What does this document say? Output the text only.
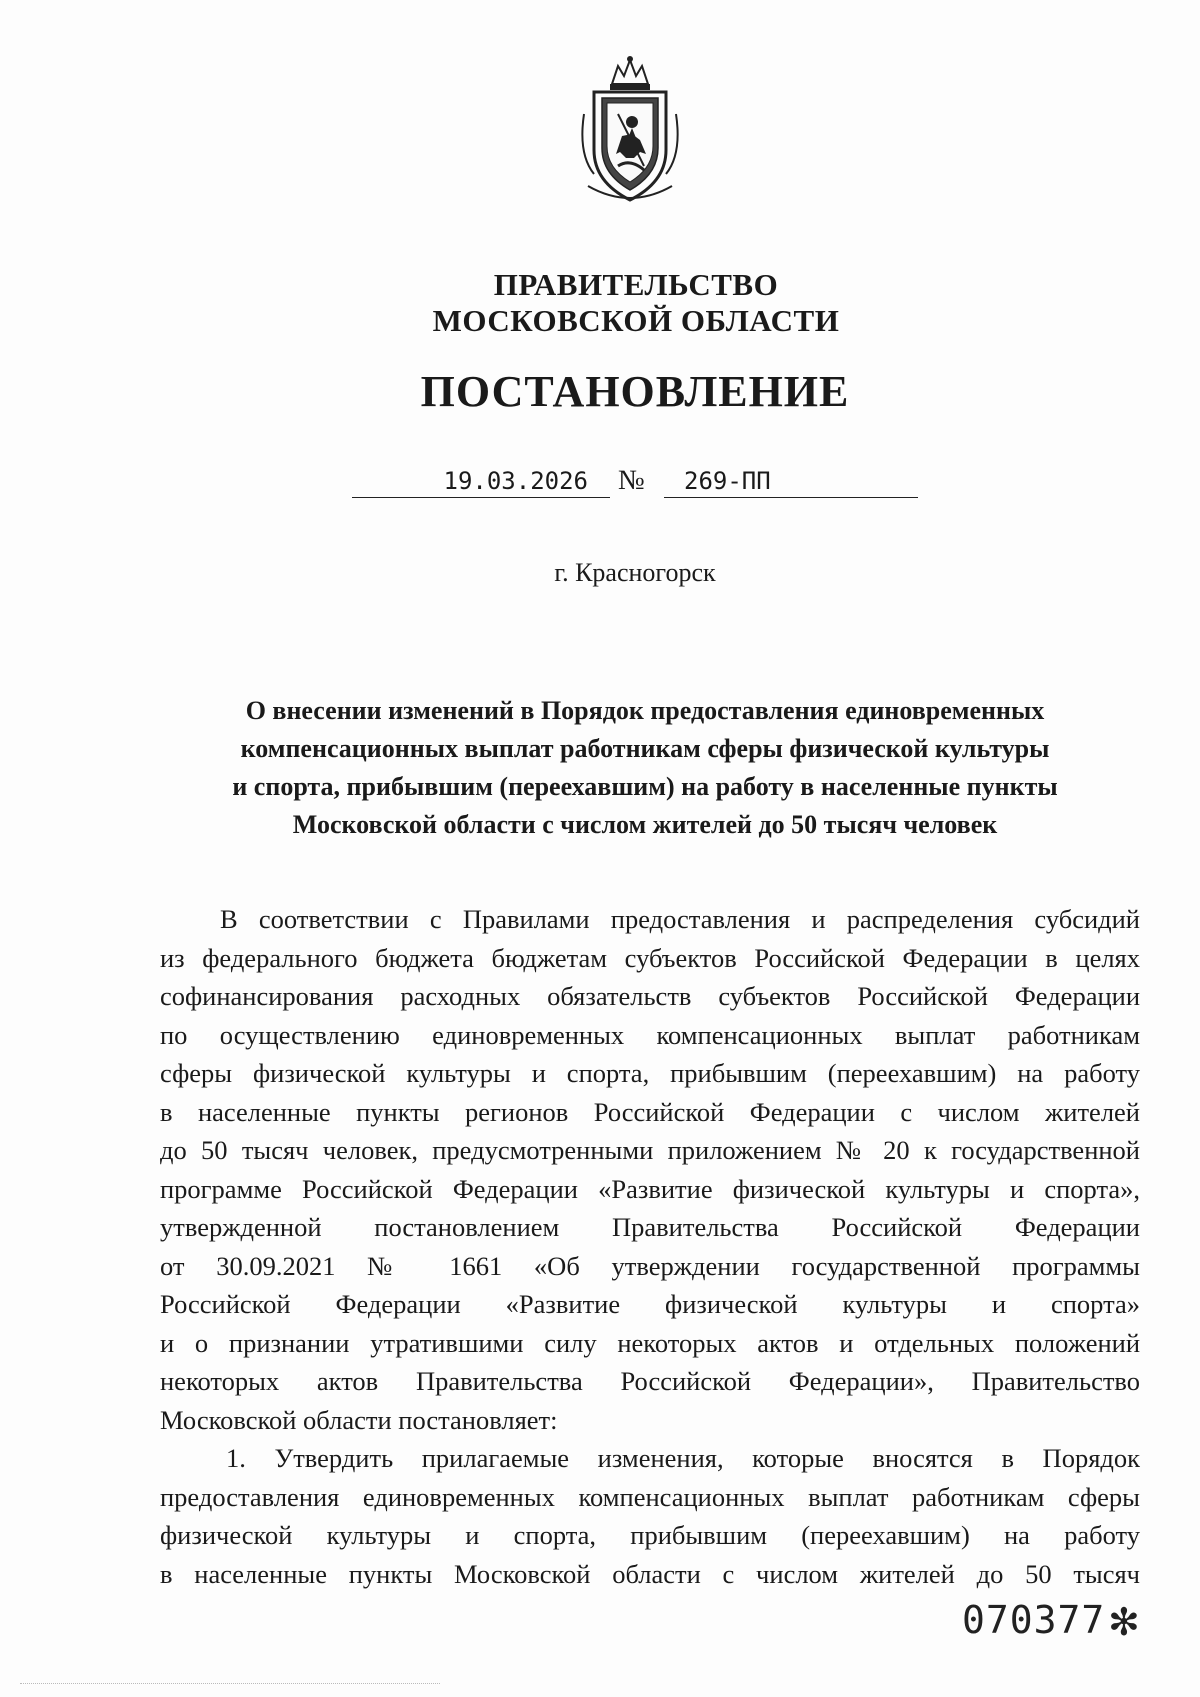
ПРАВИТЕЛЬСТВО
МОСКОВСКОЙ ОБЛАСТИ
ПОСТАНОВЛЕНИЕ
19.03.2026	№	269-ПП
г. Красногорск
О внесении изменений в Порядок предоставления единовременных
компенсационных выплат работникам сферы физической культуры
и спорта, прибывшим (переехавшим) на работу в населенные пункты
Московской области с числом жителей до 50 тысяч человек
В соответствии с Правилами предоставления и распределения субсидий
из федерального бюджета бюджетам субъектов Российской Федерации в целях
софинансирования расходных обязательств субъектов Российской Федерации
по осуществлению единовременных компенсационных выплат работникам
сферы физической культуры и спорта, прибывшим (переехавшим) на работу
в населенные пункты регионов Российской Федерации с числом жителей
до 50 тысяч человек, предусмотренными приложением № 20 к государственной
программе Российской Федерации «Развитие физической культуры и спорта»,
утвержденной постановлением Правительства Российской Федерации
от 30.09.2021 № 1661 «Об утверждении государственной программы
Российской Федерации «Развитие физической культуры и спорта»
и о признании утратившими силу некоторых актов и отдельных положений
некоторых актов Правительства Российской Федерации», Правительство
Московской области постановляет:
1. Утвердить прилагаемые изменения, которые вносятся в Порядок
предоставления единовременных компенсационных выплат работникам сферы
физической культуры и спорта, прибывшим (переехавшим) на работу
в населенные пункты Московской области с числом жителей до 50 тысяч
070377 ✻
